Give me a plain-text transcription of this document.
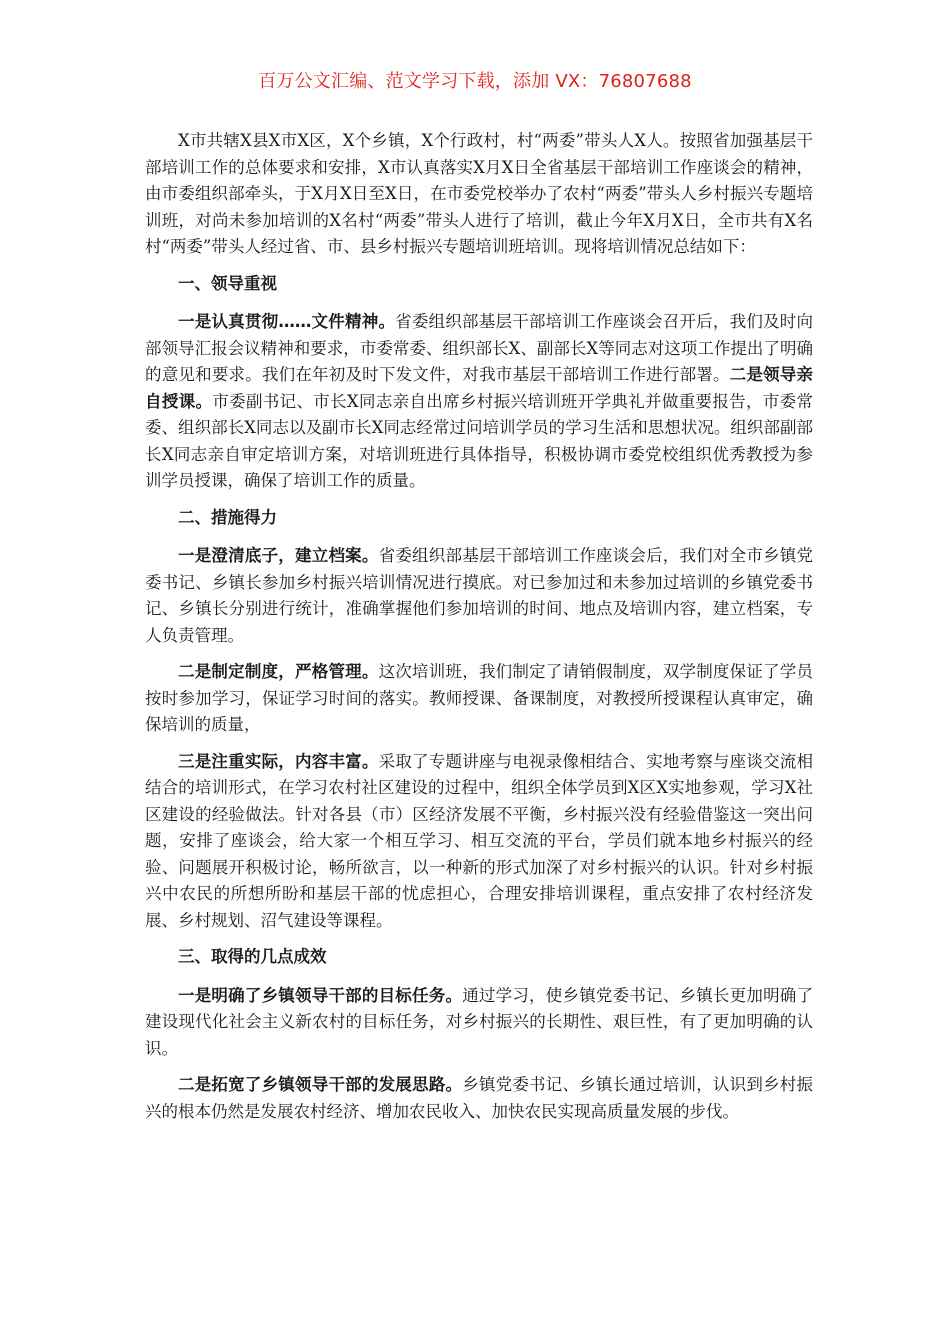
百万公文汇编、范文学习下载，添加 VX：76807688

X市共辖X县X市X区，X个乡镇，X个行政村，村“两委”带头人X人。按照省加强基层干部培训工作的总体要求和安排，X市认真落实X月X日全省基层干部培训工作座谈会的精神，由市委组织部牵头，于X月X日至X日，在市委党校举办了农村“两委”带头人乡村振兴专题培训班，对尚未参加培训的X名村“两委”带头人进行了培训，截止今年X月X日，全市共有X名村“两委”带头人经过省、市、县乡村振兴专题培训班培训。现将培训情况总结如下：

一、领导重视

一是认真贯彻……文件精神。省委组织部基层干部培训工作座谈会召开后，我们及时向部领导汇报会议精神和要求，市委常委、组织部长X、副部长X等同志对这项工作提出了明确的意见和要求。我们在年初及时下发文件，对我市基层干部培训工作进行部署。二是领导亲自授课。市委副书记、市长X同志亲自出席乡村振兴培训班开学典礼并做重要报告，市委常委、组织部长X同志以及副市长X同志经常过问培训学员的学习生活和思想状况。组织部副部长X同志亲自审定培训方案，对培训班进行具体指导，积极协调市委党校组织优秀教授为参训学员授课，确保了培训工作的质量。

二、措施得力

一是澄清底子，建立档案。省委组织部基层干部培训工作座谈会后，我们对全市乡镇党委书记、乡镇长参加乡村振兴培训情况进行摸底。对已参加过和未参加过培训的乡镇党委书记、乡镇长分别进行统计，准确掌握他们参加培训的时间、地点及培训内容，建立档案，专人负责管理。

二是制定制度，严格管理。这次培训班，我们制定了请销假制度，双学制度保证了学员按时参加学习，保证学习时间的落实。教师授课、备课制度，对教授所授课程认真审定，确保培训的质量，

三是注重实际，内容丰富。采取了专题讲座与电视录像相结合、实地考察与座谈交流相结合的培训形式，在学习农村社区建设的过程中，组织全体学员到X区X实地参观，学习X社区建设的经验做法。针对各县（市）区经济发展不平衡，乡村振兴没有经验借鉴这一突出问题，安排了座谈会，给大家一个相互学习、相互交流的平台，学员们就本地乡村振兴的经验、问题展开积极讨论，畅所欲言，以一种新的形式加深了对乡村振兴的认识。针对乡村振兴中农民的所想所盼和基层干部的忧虑担心，合理安排培训课程，重点安排了农村经济发展、乡村规划、沼气建设等课程。

三、取得的几点成效

一是明确了乡镇领导干部的目标任务。通过学习，使乡镇党委书记、乡镇长更加明确了建设现代化社会主义新农村的目标任务，对乡村振兴的长期性、艰巨性，有了更加明确的认识。

二是拓宽了乡镇领导干部的发展思路。乡镇党委书记、乡镇长通过培训，认识到乡村振兴的根本仍然是发展农村经济、增加农民收入、加快农民实现高质量发展的步伐。
